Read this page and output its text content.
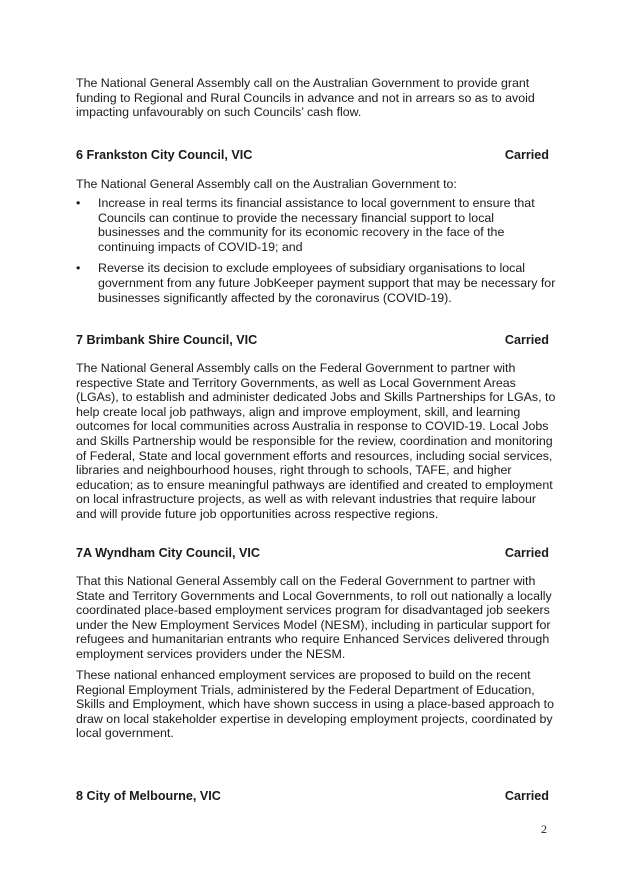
The National General Assembly call on the Australian Government to provide grant funding to Regional and Rural Councils in advance and not in arrears so as to avoid impacting unfavourably on such Councils’ cash flow.

6 Frankston City Council, VIC	Carried

The National General Assembly call on the Australian Government to:

•	Increase in real terms its financial assistance to local government to ensure that Councils can continue to provide the necessary financial support to local businesses and the community for its economic recovery in the face of the continuing impacts of COVID-19; and
•	Reverse its decision to exclude employees of subsidiary organisations to local government from any future JobKeeper payment support that may be necessary for businesses significantly affected by the coronavirus (COVID-19).
7 Brimbank Shire Council, VIC	Carried

The National General Assembly calls on the Federal Government to partner with respective State and Territory Governments, as well as Local Government Areas (LGAs), to establish and administer dedicated Jobs and Skills Partnerships for LGAs, to help create local job pathways, align and improve employment, skill, and learning outcomes for local communities across Australia in response to COVID-19. Local Jobs and Skills Partnership would be responsible for the review, coordination and monitoring of Federal, State and local government efforts and resources, including social services, libraries and neighbourhood houses, right through to schools, TAFE, and higher education; as to ensure meaningful pathways are identified and created to employment on local infrastructure projects, as well as with relevant industries that require labour and will provide future job opportunities across respective regions.

7A Wyndham City Council, VIC	Carried

That this National General Assembly call on the Federal Government to partner with State and Territory Governments and Local Governments, to roll out nationally a locally coordinated place-based employment services program for disadvantaged job seekers under the New Employment Services Model (NESM), including in particular support for refugees and humanitarian entrants who require Enhanced Services delivered through employment services providers under the NESM.

These national enhanced employment services are proposed to build on the recent Regional Employment Trials, administered by the Federal Department of Education, Skills and Employment, which have shown success in using a place-based approach to draw on local stakeholder expertise in developing employment projects, coordinated by local government.

8 City of Melbourne, VIC	Carried
2
